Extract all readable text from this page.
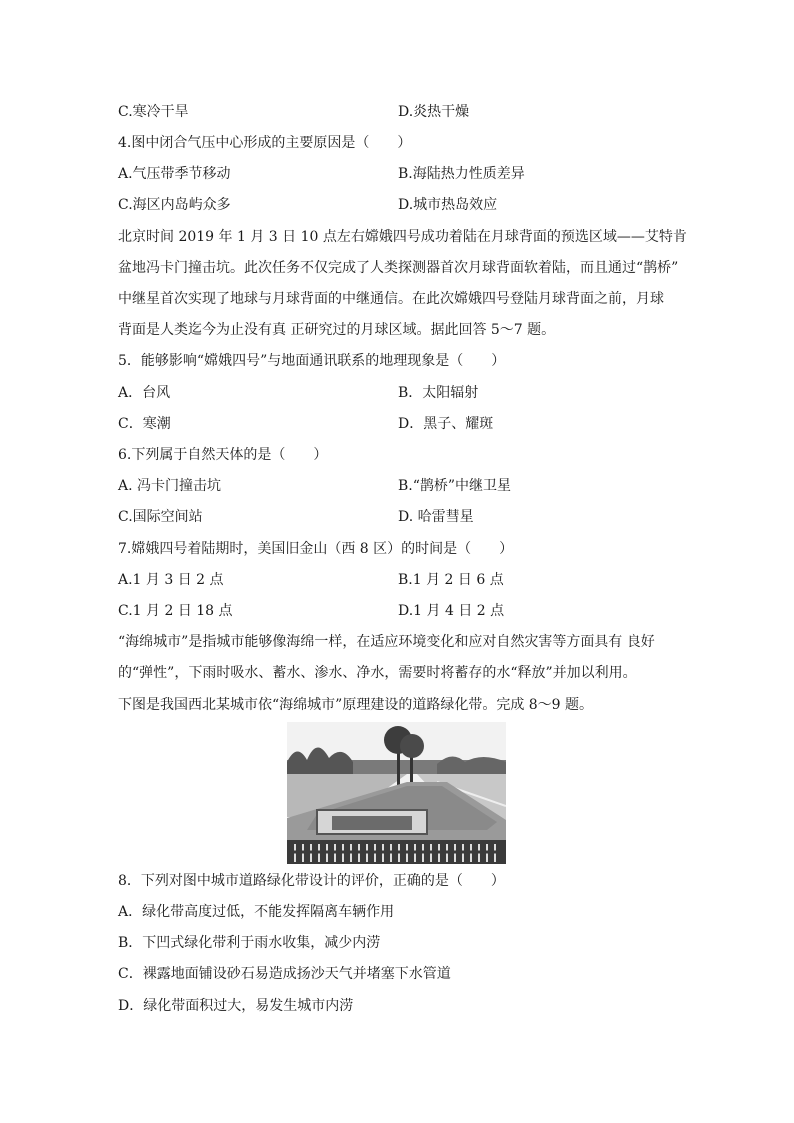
C.寒冷干旱	D.炎热干燥
4.图中闭合气压中心形成的主要原因是（　　）
A.气压带季节移动	B.海陆热力性质差异
C.海区内岛屿众多	D.城市热岛效应
北京时间 2019 年 1 月 3 日 10 点左右嫦娥四号成功着陆在月球背面的预选区域——艾特肯
盆地冯卡门撞击坑。此次任务不仅完成了人类探测器首次月球背面软着陆，而且通过“鹊桥”
中继星首次实现了地球与月球背面的中继通信。在此次嫦娥四号登陆月球背面之前，月球
背面是人类迄今为止没有真 正研究过的月球区域。据此回答 5～7 题。
5．能够影响“嫦娥四号”与地面通讯联系的地理现象是（　　）
A．台风	B．太阳辐射
C．寒潮	D．黑子、耀斑
6.下列属于自然天体的是（　　）
A. 冯卡门撞击坑	B.“鹊桥”中继卫星
C.国际空间站	D. 哈雷彗星
7.嫦娥四号着陆期时，美国旧金山（西 8 区）的时间是（　　）
A.1 月 3 日 2 点	B.1 月 2 日 6 点
C.1 月 2 日 18 点	D.1 月 4 日 2 点
“海绵城市”是指城市能够像海绵一样，在适应环境变化和应对自然灾害等方面具有 良好
的“弹性”，下雨时吸水、蓄水、渗水、净水，需要时将蓄存的水“释放”并加以利用。
下图是我国西北某城市依“海绵城市”原理建设的道路绿化带。完成 8～9 题。
8．下列对图中城市道路绿化带设计的评价，正确的是（　　）
A．绿化带高度过低，不能发挥隔离车辆作用
B．下凹式绿化带利于雨水收集，减少内涝
C．裸露地面铺设砂石易造成扬沙天气并堵塞下水管道
D．绿化带面积过大，易发生城市内涝
